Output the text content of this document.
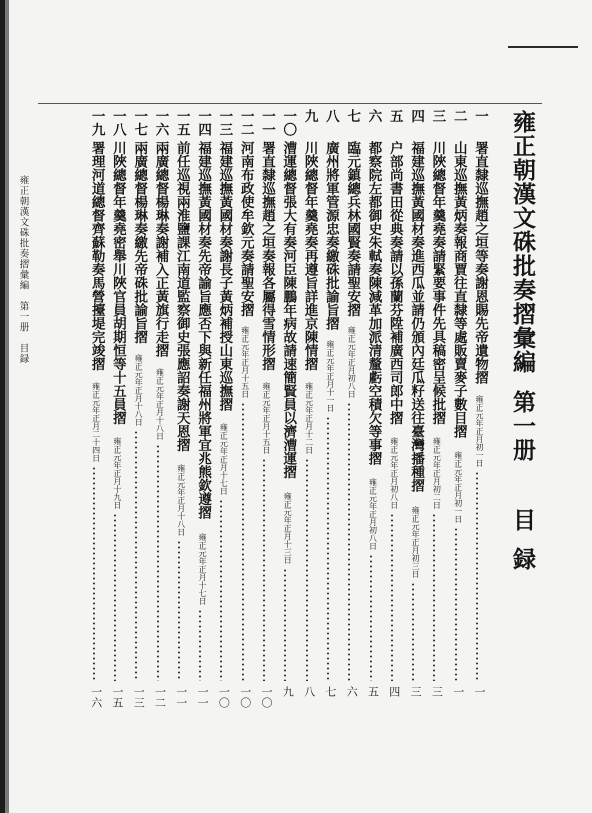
雍正朝漢文硃批奏摺彙編
第一册
目録
雍正朝漢文硃批奏摺彙編　第一册　目録
一
署直隸巡撫趙之垣等奏謝恩賜先帝遺物摺
雍正元年正月初一日
一
二
山東巡撫黃炳奏報商賈往直隸等處販賣麥子數目摺
雍正元年正月初一日
一
三
川陜總督年羹堯奏請緊要事件先具稿密呈候批摺
雍正元年正月初二日
三
四
福建巡撫黃國材奏進西瓜並請仍頒內廷瓜籽送往臺灣播種摺
雍正元年正月初三日
三
五
户部尚書田從典奏請以孫蘭芬陞補廣西司郎中摺
雍正元年正月初八日
四
六
都察院左都御史朱軾奏陳減革加派清釐虧空積欠等事摺
雍正元年正月初八日
五
七
臨元鎮總兵林國賢奏請聖安摺
雍正元年正月初八日
六
八
廣州將軍管源忠奏繳硃批諭旨摺
雍正元年正月十一日
七
九
川陜總督年羹堯奏再遵旨詳進京陳情摺
雍正元年正月十二日
八
一〇
漕運總督張大有奏河臣陳鵬年病故請速簡賢員以濟漕運摺
雍正元年正月十三日
九
一一
署直隸巡撫趙之垣奏報各屬得雪情形摺
雍正元年正月十五日
一〇
一二
河南布政使牟欽元奏請聖安摺
雍正元年正月十五日
一〇
一三
福建巡撫黃國材奏謝長子黃炳補授山東巡撫摺
雍正元年正月十七日
一〇
一四
福建巡撫黃國材奏先帝諭旨應否下與新任福州將軍宜兆熊欽遵摺
雍正元年正月十七日
一一
一五
前任巡視兩淮鹽課江南道監察御史張應詔奏謝天恩摺
雍正元年正月十八日
一一
一六
兩廣總督楊琳奏謝補入正黃旗行走摺
雍正元年正月十八日
一二
一七
兩廣總督楊琳奏繳先帝硃批諭旨摺
雍正元年正月十八日
一三
一八
川陜總督年羹堯密舉川陜官員胡期恒等十五員摺
雍正元年正月十九日
一五
一九
署理河道總督齊蘇勒奏馬營擡堤完竣摺
雍正元年正月二十四日
一六
